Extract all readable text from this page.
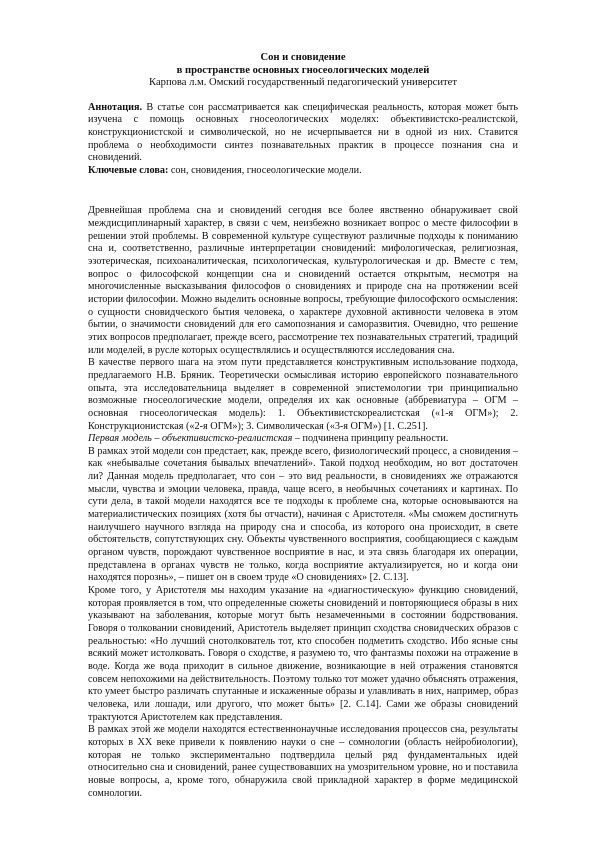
Сон и сновидение
в пространстве основных гносеологических моделей
Карпова л.м. Омский государственный педагогический университет
Аннотация. В статье сон рассматривается как специфическая реальность, которая может быть изучена с помощь основных гносеологических моделях: объективистско-реалистской, конструкционистской и символической, но не исчерпывается ни в одной из них. Ставится проблема о необходимости синтез познавательных практик в процессе познания сна и сновидений.
Ключевые слова: сон, сновидения, гносеологические модели.

Древнейшая проблема сна и сновидений сегодня все более явственно обнаруживает свой междисциплинарный характер, в связи с чем, неизбежно возникает вопрос о месте философии в решении этой проблемы. В современной культуре существуют различные подходы к пониманию сна и, соответственно, различные интерпретации сновидений: мифологическая, религиозная, эзотерическая, психоаналитическая, психологическая, культурологическая и др. Вместе с тем, вопрос о философской концепции сна и сновидений остается открытым, несмотря на многочисленные высказывания философов о сновидениях и природе сна на протяжении всей истории философии. Можно выделить основные вопросы, требующие философского осмысления: о сущности сновидческого бытия человека, о характере духовной активности человека в этом бытии, о значимости сновидений для его самопознания и саморазвития. Очевидно, что решение этих вопросов предполагает, прежде всего, рассмотрение тех познавательных стратегий, традиций или моделей, в русле которых осуществлялись и осуществляются исследования сна.

В качестве первого шага на этом пути представляется конструктивным использование подхода, предлагаемого Н.В. Бряник. Теоретически осмысливая историю европейского познавательного опыта, эта исследовательница выделяет в современной эпистемологии три принципиально возможные гносеологические модели, определяя их как основные (аббревиатура – ОГМ – основная гносеологическая модель): 1. Объективистскореалистская («1-я ОГМ»); 2. Конструкционистская («2-я ОГМ»); 3. Символическая («3-я ОГМ») [1. С.251].

Первая модель – объективистско-реалистская – подчинена принципу реальности.

В рамках этой модели сон предстает, как, прежде всего, физиологический процесс, а сновидения – как «небывалые сочетания бывалых впечатлений». Такой подход необходим, но вот достаточен ли? Данная модель предполагает, что сон – это вид реальности, в сновидениях же отражаются мысли, чувства и эмоции человека, правда, чаще всего, в необычных сочетаниях и картинах. По сути дела, в такой модели находятся все те подходы к проблеме сна, которые основываются на материалистических позициях (хотя бы отчасти), начиная с Аристотеля. «Мы сможем достигнуть наилучшего научного взгляда на природу сна и способа, из которого она происходит, в свете обстоятельств, сопутствующих сну. Объекты чувственного восприятия, сообщающиеся с каждым органом чувств, порождают чувственное восприятие в нас, и эта связь благодаря их операции, представлена в органах чувств не только, когда восприятие актуализируется, но и когда они находятся порознь», – пишет он в своем труде «О сновидениях» [2. С.13].

Кроме того, у Аристотеля мы находим указание на «диагностическую» функцию сновидений, которая проявляется в том, что определенные сюжеты сновидений и повторяющиеся образы в них указывают на заболевания, которые могут быть незамеченными в состоянии бодрствования. Говоря о толковании сновидений, Аристотель выделяет принцип сходства сновидческих образов с реальностью: «Но лучший снотолкователь тот, кто способен подметить сходство. Ибо ясные сны всякий может истолковать. Говоря о сходстве, я разумею то, что фантазмы похожи на отражение в воде. Когда же вода приходит в сильное движение, возникающие в ней отражения становятся совсем непохожими на действительность. Поэтому только тот может удачно объяснять отражения, кто умеет быстро различать спутанные и искаженные образы и улавливать в них, например, образ человека, или лошади, или другого, что может быть» [2. С.14]. Сами же образы сновидений трактуются Аристотелем как представления.

В рамках этой же модели находятся естественнонаучные исследования процессов сна, результаты которых в XX веке привели к появлению науки о сне – сомнологии (область нейробиологии), которая не только экспериментально подтвердила целый ряд фундаментальных идей относительно сна и сновидений, ранее существовавших на умозрительном уровне, но и поставила новые вопросы, а, кроме того, обнаружила свой прикладной характер в форме медицинской сомнологии.
